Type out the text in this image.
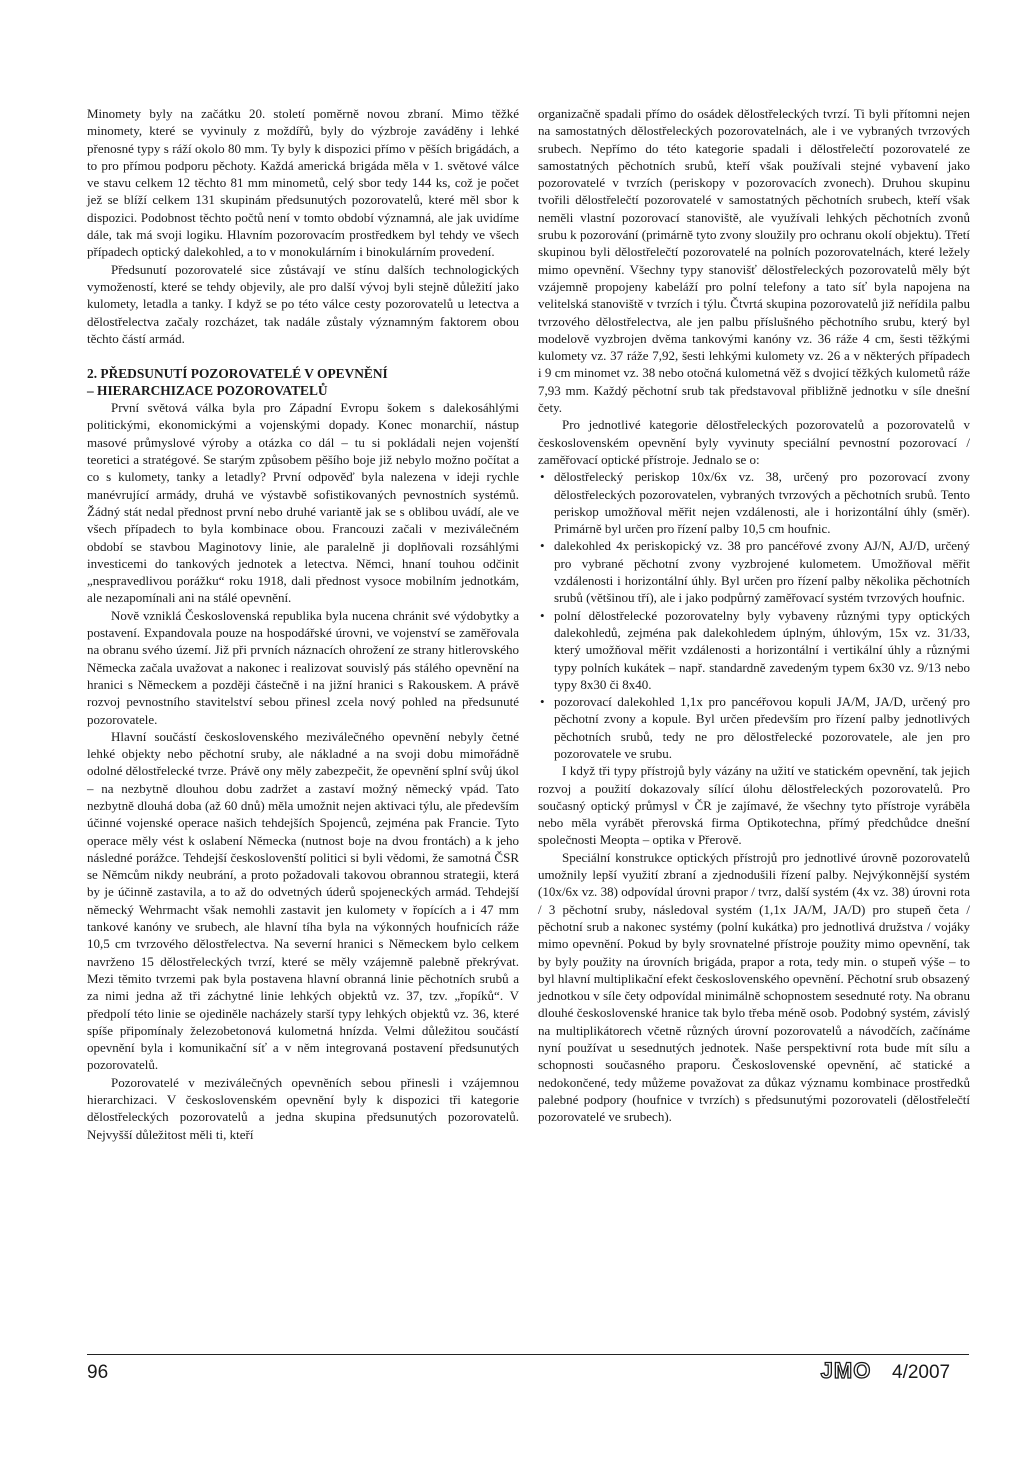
Minomety byly na začátku 20. století poměrně novou zbraní. Mimo těžké minomety, které se vyvinuly z moždířů, byly do výzbroje zaváděny i lehké přenosné typy s ráží okolo 80 mm. Ty byly k dispozici přímo v pěších brigádách, a to pro přímou podporu pěchoty. Každá americká brigáda měla v 1. světové válce ve stavu celkem 12 těchto 81 mm minometů, celý sbor tedy 144 ks, což je počet jež se blíží celkem 131 skupinám předsunutých pozorovatelů, které měl sbor k dispozici. Podobnost těchto počtů není v tomto období významná, ale jak uvidíme dále, tak má svoji logiku. Hlavním pozorovacím prostředkem byl tehdy ve všech případech optický dalekohled, a to v monokulárním i binokulárním provedení.

Předsunutí pozorovatelé sice zůstávají ve stínu dalších technologických vymožeností, které se tehdy objevily, ale pro další vývoj byli stejně důležití jako kulomety, letadla a tanky. I když se po této válce cesty pozorovatelů u letectva a dělostřelectva začaly rozcházet, tak nadále zůstaly významným faktorem obou těchto částí armád.

2. PŘEDSUNUTÍ POZOROVATELÉ V OPEVNĚNÍ
– HIERARCHIZACE POZOROVATELŮ

První světová válka byla pro Západní Evropu šokem s dalekosáhlými politickými, ekonomickými a vojenskými dopady. Konec monarchií, nástup masové průmyslové výroby a otázka co dál – tu si pokládali nejen vojenští teoretici a stratégové. Se starým způsobem pěšího boje již nebylo možno počítat a co s kulomety, tanky a letadly? První odpověď byla nalezena v ideji rychle manévrující armády, druhá ve výstavbě sofistikovaných pevnostních systémů. Žádný stát nedal přednost první nebo druhé variantě jak se s oblibou uvádí, ale ve všech případech to byla kombinace obou. Francouzi začali v meziválečném období se stavbou Maginotovy linie, ale paralelně ji doplňovali rozsáhlými investicemi do tankových jednotek a letectva. Němci, hnaní touhou odčinit „nespravedlivou porážku“ roku 1918, dali přednost vysoce mobilním jednotkám, ale nezapomínali ani na stálé opevnění.

Nově vzniklá Československá republika byla nucena chránit své výdobytky a postavení. Expandovala pouze na hospodářské úrovni, ve vojenství se zaměřovala na obranu svého území. Již při prvních náznacích ohrožení ze strany hitlerovského Německa začala uvažovat a nakonec i realizovat souvislý pás stálého opevnění na hranici s Německem a později částečně i na jižní hranici s Rakouskem. A právě rozvoj pevnostního stavitelství sebou přinesl zcela nový pohled na předsunuté pozorovatele.

Hlavní součástí československého meziválečného opevnění nebyly četné lehké objekty nebo pěchotní sruby, ale nákladné a na svoji dobu mimořádně odolné dělostřelecké tvrze. Právě ony měly zabezpečit, že opevnění splní svůj úkol – na nezbytně dlouhou dobu zadržet a zastaví možný německý vpád. Tato nezbytně dlouhá doba (až 60 dnů) měla umožnit nejen aktivaci týlu, ale především účinné vojenské operace našich tehdejších Spojenců, zejména pak Francie. Tyto operace měly vést k oslabení Německa (nutnost boje na dvou frontách) a k jeho následné porážce. Tehdejší českoslovenští politici si byli vědomi, že samotná ČSR se Němcům nikdy neubrání, a proto požadovali takovou obrannou strategii, která by je účinně zastavila, a to až do odvetných úderů spojeneckých armád. Tehdejší německý Wehrmacht však nemohli zastavit jen kulomety v řopících a i 47 mm tankové kanóny ve srubech, ale hlavní tíha byla na výkonných houfnicích ráže 10,5 cm tvrzového dělostřelectva. Na severní hranici s Německem bylo celkem navrženo 15 dělostřeleckých tvrzí, které se měly vzájemně palebně překrývat. Mezi těmito tvrzemi pak byla postavena hlavní obranná linie pěchotních srubů a za nimi jedna až tři záchytné linie lehkých objektů vz. 37, tzv. „řopíků“. V předpolí této linie se ojediněle nacházely starší typy lehkých objektů vz. 36, které spíše připomínaly železobetonová kulometná hnízda. Velmi důležitou součástí opevnění byla i komunikační síť a v něm integrovaná postavení předsunutých pozorovatelů.

Pozorovatelé v meziválečných opevněních sebou přinesli i vzájemnou hierarchizaci. V československém opevnění byly k dispozici tři kategorie dělostřeleckých pozorovatelů a jedna skupina předsunutých pozorovatelů. Nejvyšší důležitost měli ti, kteří

organizačně spadali přímo do osádek dělostřeleckých tvrzí. Ti byli přítomni nejen na samostatných dělostřeleckých pozorovatelnách, ale i ve vybraných tvrzových srubech. Nepřímo do této kategorie spadali i dělostřelečtí pozorovatelé ze samostatných pěchotních srubů, kteří však používali stejné vybavení jako pozorovatelé v tvrzích (periskopy v pozorovacích zvonech). Druhou skupinu tvořili dělostřelečtí pozorovatelé v samostatných pěchotních srubech, kteří však neměli vlastní pozorovací stanoviště, ale využívali lehkých pěchotních zvonů srubu k pozorování (primárně tyto zvony sloužily pro ochranu okolí objektu). Třetí skupinou byli dělostřelečtí pozorovatelé na polních pozorovatelnách, které ležely mimo opevnění. Všechny typy stanovišť dělostřeleckých pozorovatelů měly být vzájemně propojeny kabeláží pro polní telefony a tato síť byla napojena na velitelská stanoviště v tvrzích i týlu. Čtvrtá skupina pozorovatelů již neřídila palbu tvrzového dělostřelectva, ale jen palbu příslušného pěchotního srubu, který byl modelově vyzbrojen dvěma tankovými kanóny vz. 36 ráže 4 cm, šesti těžkými kulomety vz. 37 ráže 7,92, šesti lehkými kulomety vz. 26 a v některých případech i 9 cm minomet vz. 38 nebo otočná kulometná věž s dvojicí těžkých kulometů ráže 7,93 mm. Každý pěchotní srub tak představoval přibližně jednotku v síle dnešní čety.

Pro jednotlivé kategorie dělostřeleckých pozorovatelů a pozorovatelů v československém opevnění byly vyvinuty speciální pevnostní pozorovací / zaměřovací optické přístroje. Jednalo se o:

• dělostřelecký periskop 10x/6x vz. 38, určený pro pozorovací zvony dělostřeleckých pozorovatelen, vybraných tvrzových a pěchotních srubů. Tento periskop umožňoval měřit nejen vzdálenosti, ale i horizontální úhly (směr). Primárně byl určen pro řízení palby 10,5 cm houfnic.
• dalekohled 4x periskopický vz. 38 pro pancéřové zvony AJ/N, AJ/D, určený pro vybrané pěchotní zvony vyzbrojené kulometem. Umožňoval měřit vzdálenosti i horizontální úhly. Byl určen pro řízení palby několika pěchotních srubů (většinou tří), ale i jako podpůrný zaměřovací systém tvrzových houfnic.
• polní dělostřelecké pozorovatelny byly vybaveny různými typy optických dalekohledů, zejména pak dalekohledem úplným, úhlovým, 15x vz. 31/33, který umožňoval měřit vzdálenosti a horizontální i vertikální úhly a různými typy polních kukátek – např. standardně zavedeným typem 6x30 vz. 9/13 nebo typy 8x30 či 8x40.
• pozorovací dalekohled 1,1x pro pancéřovou kopuli JA/M, JA/D, určený pro pěchotní zvony a kopule. Byl určen především pro řízení palby jednotlivých pěchotních srubů, tedy ne pro dělostřelecké pozorovatele, ale jen pro pozorovatele ve srubu.

I když tři typy přístrojů byly vázány na užití ve statickém opevnění, tak jejich rozvoj a použití dokazovaly sílící úlohu dělostřeleckých pozorovatelů. Pro současný optický průmysl v ČR je zajímavé, že všechny tyto přístroje vyráběla nebo měla vyrábět přerovská firma Optikotechna, přímý předchůdce dnešní společnosti Meopta – optika v Přerově.

Speciální konstrukce optických přístrojů pro jednotlivé úrovně pozorovatelů umožnily lepší využití zbraní a zjednodušili řízení palby. Nejvýkonnější systém (10x/6x vz. 38) odpovídal úrovni prapor / tvrz, další systém (4x vz. 38) úrovni rota / 3 pěchotní sruby, následoval systém (1,1x JA/M, JA/D) pro stupeň četa / pěchotní srub a nakonec systémy (polní kukátka) pro jednotlivá družstva / vojáky mimo opevnění. Pokud by byly srovnatelné přístroje použity mimo opevnění, tak by byly použity na úrovních brigáda, prapor a rota, tedy min. o stupeň výše – to byl hlavní multiplikační efekt československého opevnění. Pěchotní srub obsazený jednotkou v síle čety odpovídal minimálně schopnostem sesednuté roty. Na obranu dlouhé československé hranice tak bylo třeba méně osob. Podobný systém, závislý na multiplikátorech včetně různých úrovní pozorovatelů a návodčích, začínáme nyní používat u sesednutých jednotek. Naše perspektivní rota bude mít sílu a schopnosti současného praporu. Československé opevnění, ač statické a nedokončené, tedy můžeme považovat za důkaz významu kombinace prostředků palebné podpory (houfnice v tvrzích) s předsunutými pozorovateli (dělostřelečtí pozorovatelé ve srubech).

96	JMO 4/2007
